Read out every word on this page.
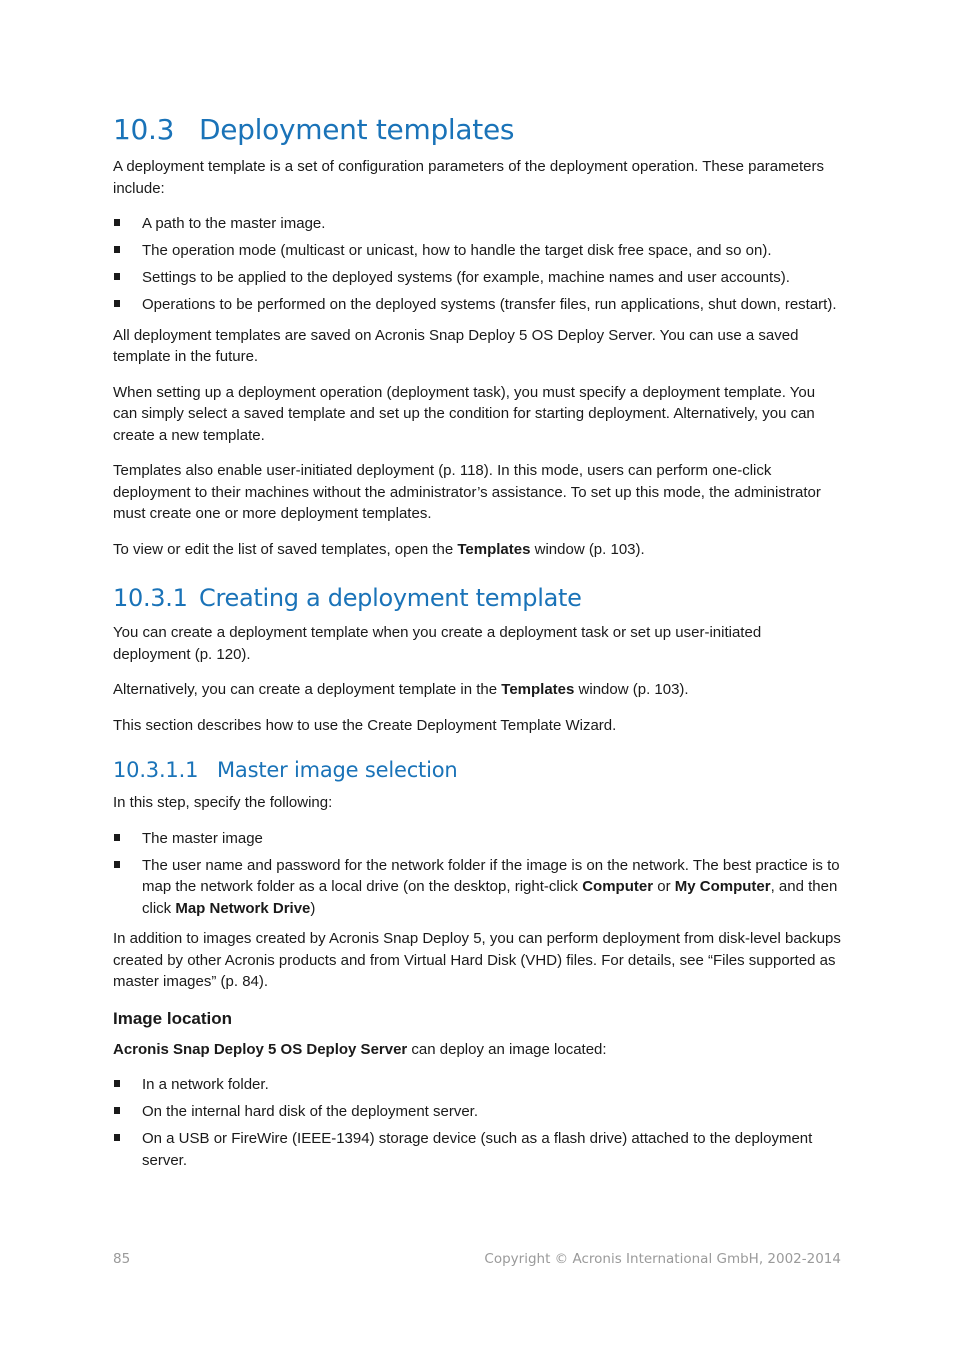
10.3 Deployment templates

A deployment template is a set of configuration parameters of the deployment operation. These parameters include:

A path to the master image.
The operation mode (multicast or unicast, how to handle the target disk free space, and so on).
Settings to be applied to the deployed systems (for example, machine names and user accounts).
Operations to be performed on the deployed systems (transfer files, run applications, shut down, restart).

All deployment templates are saved on Acronis Snap Deploy 5 OS Deploy Server. You can use a saved template in the future.

When setting up a deployment operation (deployment task), you must specify a deployment template. You can simply select a saved template and set up the condition for starting deployment. Alternatively, you can create a new template.

Templates also enable user-initiated deployment (p. 118). In this mode, users can perform one-click deployment to their machines without the administrator’s assistance. To set up this mode, the administrator must create one or more deployment templates.

To view or edit the list of saved templates, open the Templates window (p. 103).

10.3.1 Creating a deployment template

You can create a deployment template when you create a deployment task or set up user-initiated deployment (p. 120).

Alternatively, you can create a deployment template in the Templates window (p. 103).

This section describes how to use the Create Deployment Template Wizard.

10.3.1.1 Master image selection

In this step, specify the following:

The master image
The user name and password for the network folder if the image is on the network. The best practice is to map the network folder as a local drive (on the desktop, right-click Computer or My Computer, and then click Map Network Drive)

In addition to images created by Acronis Snap Deploy 5, you can perform deployment from disk-level backups created by other Acronis products and from Virtual Hard Disk (VHD) files. For details, see “Files supported as master images” (p. 84).

Image location

Acronis Snap Deploy 5 OS Deploy Server can deploy an image located:

In a network folder.
On the internal hard disk of the deployment server.
On a USB or FireWire (IEEE-1394) storage device (such as a flash drive) attached to the deployment server.
85	Copyright © Acronis International GmbH, 2002-2014
